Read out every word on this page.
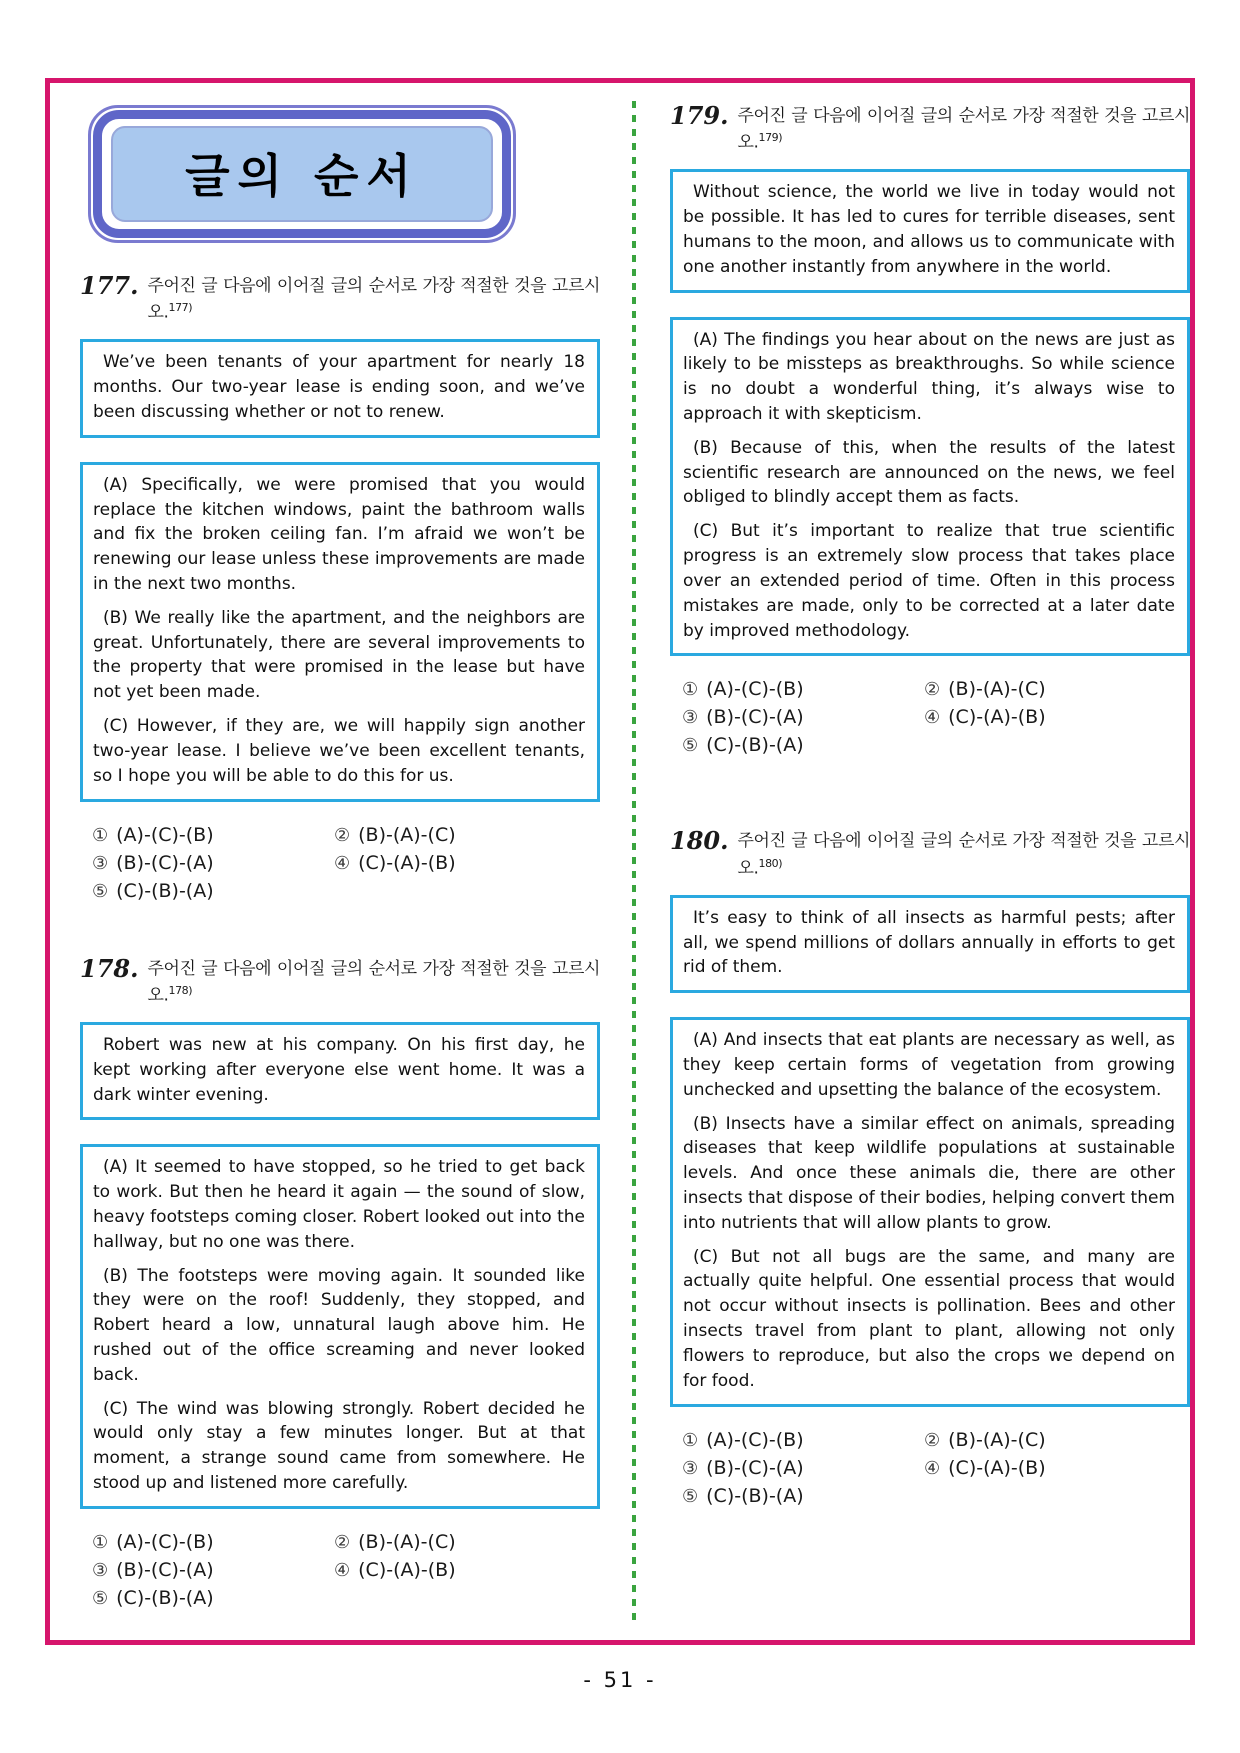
글의 순서
177. 주어진 글 다음에 이어질 글의 순서로 가장 적절한 것을 고르시오.$^{177)}$

We’ve been tenants of your apartment for nearly 18 months. Our two-year lease is ending soon, and we’ve been discussing whether or not to renew.

(A) Specifically, we were promised that you would replace the kitchen windows, paint the bathroom walls and fix the broken ceiling fan. I’m afraid we won’t be renewing our lease unless these improvements are made in the next two months.

(B) We really like the apartment, and the neighbors are great. Unfortunately, there are several improvements to the property that were promised in the lease but have not yet been made.

(C) However, if they are, we will happily sign another two-year lease. I believe we’ve been excellent tenants, so I hope you will be able to do this for us.

① (A)-(C)-(B)	② (B)-(A)-(C)
③ (B)-(C)-(A)	④ (C)-(A)-(B)
⑤ (C)-(B)-(A)
178. 주어진 글 다음에 이어질 글의 순서로 가장 적절한 것을 고르시오.$^{178)}$

Robert was new at his company. On his first day, he kept working after everyone else went home. It was a dark winter evening.

(A) It seemed to have stopped, so he tried to get back to work. But then he heard it again — the sound of slow, heavy footsteps coming closer. Robert looked out into the hallway, but no one was there.

(B) The footsteps were moving again. It sounded like they were on the roof! Suddenly, they stopped, and Robert heard a low, unnatural laugh above him. He rushed out of the office screaming and never looked back.

(C) The wind was blowing strongly. Robert decided he would only stay a few minutes longer. But at that moment, a strange sound came from somewhere. He stood up and listened more carefully.

① (A)-(C)-(B)	② (B)-(A)-(C)
③ (B)-(C)-(A)	④ (C)-(A)-(B)
⑤ (C)-(B)-(A)
179. 주어진 글 다음에 이어질 글의 순서로 가장 적절한 것을 고르시오.$^{179)}$

Without science, the world we live in today would not be possible. It has led to cures for terrible diseases, sent humans to the moon, and allows us to communicate with one another instantly from anywhere in the world.

(A) The findings you hear about on the news are just as likely to be missteps as breakthroughs. So while science is no doubt a wonderful thing, it’s always wise to approach it with skepticism.

(B) Because of this, when the results of the latest scientific research are announced on the news, we feel obliged to blindly accept them as facts.

(C) But it’s important to realize that true scientific progress is an extremely slow process that takes place over an extended period of time. Often in this process mistakes are made, only to be corrected at a later date by improved methodology.

① (A)-(C)-(B)	② (B)-(A)-(C)
③ (B)-(C)-(A)	④ (C)-(A)-(B)
⑤ (C)-(B)-(A)
180. 주어진 글 다음에 이어질 글의 순서로 가장 적절한 것을 고르시오.$^{180)}$

It’s easy to think of all insects as harmful pests; after all, we spend millions of dollars annually in efforts to get rid of them.

(A) And insects that eat plants are necessary as well, as they keep certain forms of vegetation from growing unchecked and upsetting the balance of the ecosystem.

(B) Insects have a similar effect on animals, spreading diseases that keep wildlife populations at sustainable levels. And once these animals die, there are other insects that dispose of their bodies, helping convert them into nutrients that will allow plants to grow.

(C) But not all bugs are the same, and many are actually quite helpful. One essential process that would not occur without insects is pollination. Bees and other insects travel from plant to plant, allowing not only flowers to reproduce, but also the crops we depend on for food.

① (A)-(C)-(B)	② (B)-(A)-(C)
③ (B)-(C)-(A)	④ (C)-(A)-(B)
⑤ (C)-(B)-(A)
- 51 -
